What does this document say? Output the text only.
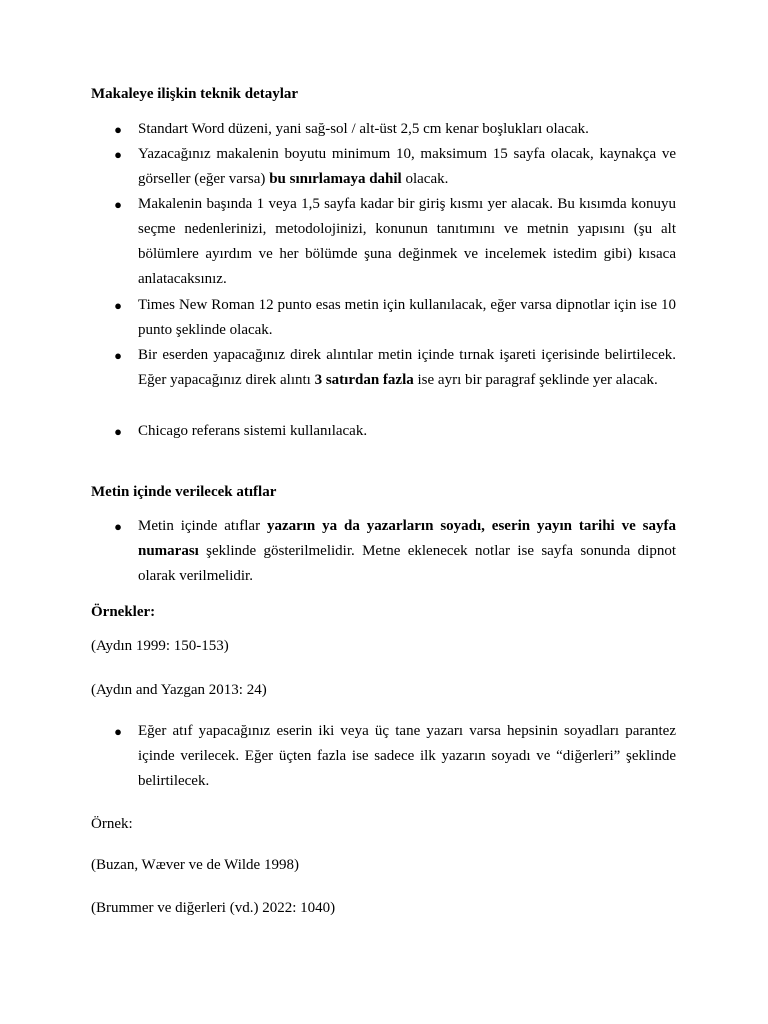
Makaleye ilişkin teknik detaylar
● Standart Word düzeni, yani sağ-sol / alt-üst 2,5 cm kenar boşlukları olacak.
● Yazacağınız makalenin boyutu minimum 10, maksimum 15 sayfa olacak, kaynakça ve görseller (eğer varsa) bu sınırlamaya dahil olacak.
● Makalenin başında 1 veya 1,5 sayfa kadar bir giriş kısmı yer alacak. Bu kısımda konuyu seçme nedenlerinizi, metodolojinizi, konunun tanıtımını ve metnin yapısını (şu alt bölümlere ayırdım ve her bölümde şuna değinmek ve incelemek istedim gibi) kısaca anlatacaksınız.
● Times New Roman 12 punto esas metin için kullanılacak, eğer varsa dipnotlar için ise 10 punto şeklinde olacak.
● Bir eserden yapacağınız direk alıntılar metin içinde tırnak işareti içerisinde belirtilecek. Eğer yapacağınız direk alıntı 3 satırdan fazla ise ayrı bir paragraf şeklinde yer alacak.
● Chicago referans sistemi kullanılacak.
Metin içinde verilecek atıflar
● Metin içinde atıflar yazarın ya da yazarların soyadı, eserin yayın tarihi ve sayfa numarası şeklinde gösterilmelidir. Metne eklenecek notlar ise sayfa sonunda dipnot olarak verilmelidir.
Örnekler:
(Aydın 1999: 150-153)
(Aydın and Yazgan 2013: 24)
● Eğer atıf yapacağınız eserin iki veya üç tane yazarı varsa hepsinin soyadları parantez içinde verilecek. Eğer üçten fazla ise sadece ilk yazarın soyadı ve “diğerleri” şeklinde belirtilecek.
Örnek:
(Buzan, Wæver ve de Wilde 1998)
(Brummer ve diğerleri (vd.) 2022: 1040)
